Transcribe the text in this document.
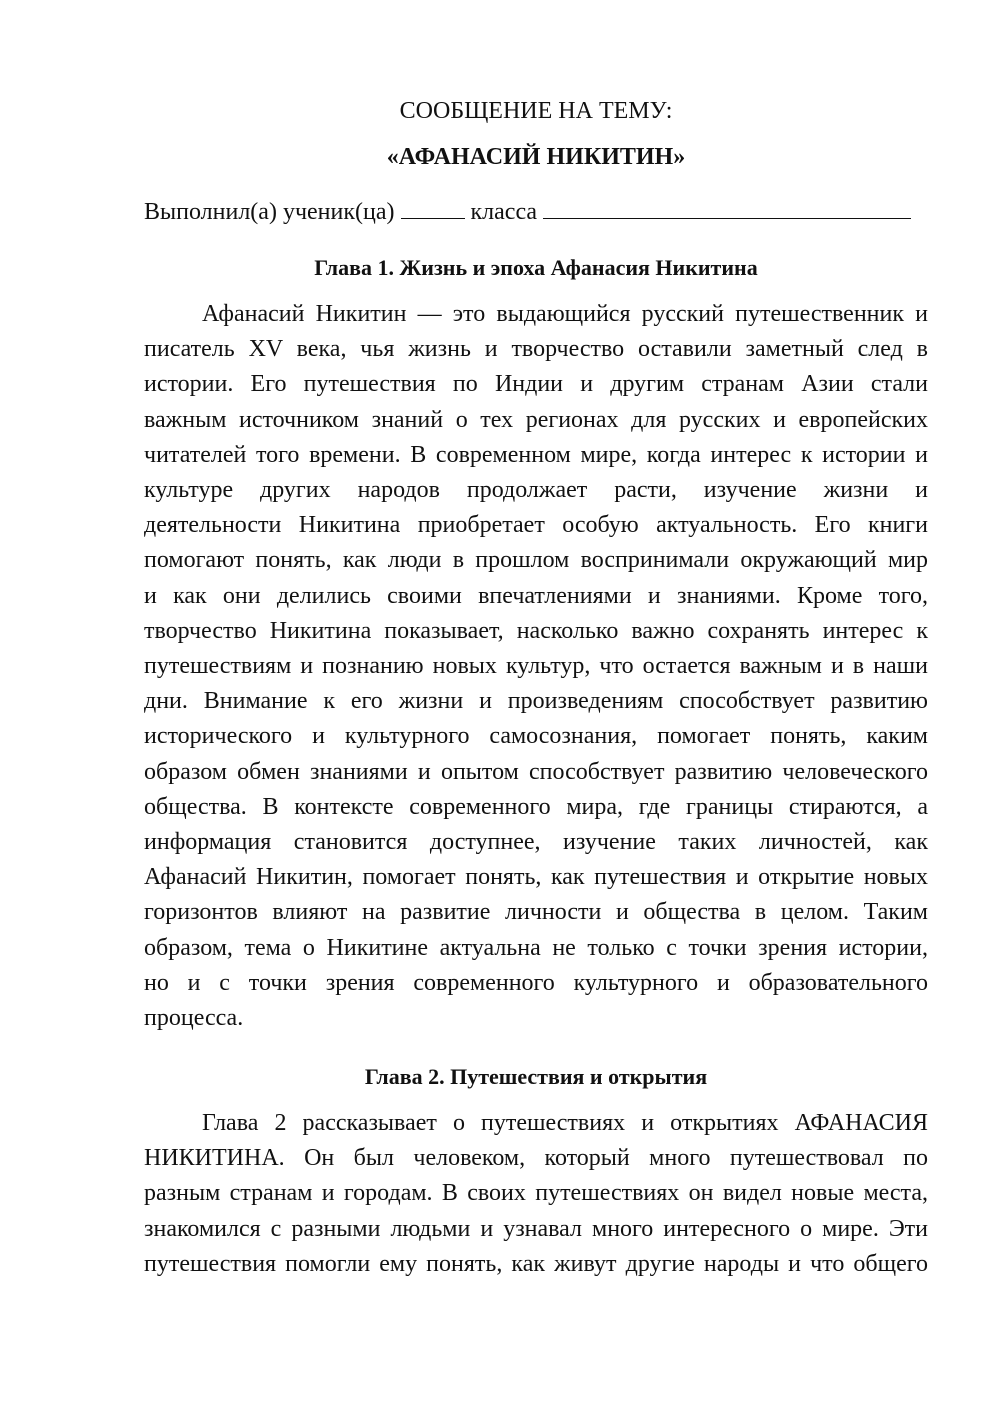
СООБЩЕНИЕ НА ТЕМУ:
«АФАНАСИЙ НИКИТИН»
Выполнил(а) ученик(ца)	класса
Глава 1. Жизнь и эпоха Афанасия Никитина
Афанасий Никитин — это выдающийся русский путешественник и
писатель XV века, чья жизнь и творчество оставили заметный след в
истории. Его путешествия по Индии и другим странам Азии стали
важным источником знаний о тех регионах для русских и европейских
читателей того времени. В современном мире, когда интерес к истории и
культуре других народов продолжает расти, изучение жизни и
деятельности Никитина приобретает особую актуальность. Его книги
помогают понять, как люди в прошлом воспринимали окружающий мир
и как они делились своими впечатлениями и знаниями. Кроме того,
творчество Никитина показывает, насколько важно сохранять интерес к
путешествиям и познанию новых культур, что остается важным и в наши
дни. Внимание к его жизни и произведениям способствует развитию
исторического и культурного самосознания, помогает понять, каким
образом обмен знаниями и опытом способствует развитию человеческого
общества. В контексте современного мира, где границы стираются, а
информация становится доступнее, изучение таких личностей, как
Афанасий Никитин, помогает понять, как путешествия и открытие новых
горизонтов влияют на развитие личности и общества в целом. Таким
образом, тема о Никитине актуальна не только с точки зрения истории,
но и с точки зрения современного культурного и образовательного
процесса.
Глава 2. Путешествия и открытия
Глава 2 рассказывает о путешествиях и открытиях АФАНАСИЯ
НИКИТИНА. Он был человеком, который много путешествовал по
разным странам и городам. В своих путешествиях он видел новые места,
знакомился с разными людьми и узнавал много интересного о мире. Эти
путешествия помогли ему понять, как живут другие народы и что общего
